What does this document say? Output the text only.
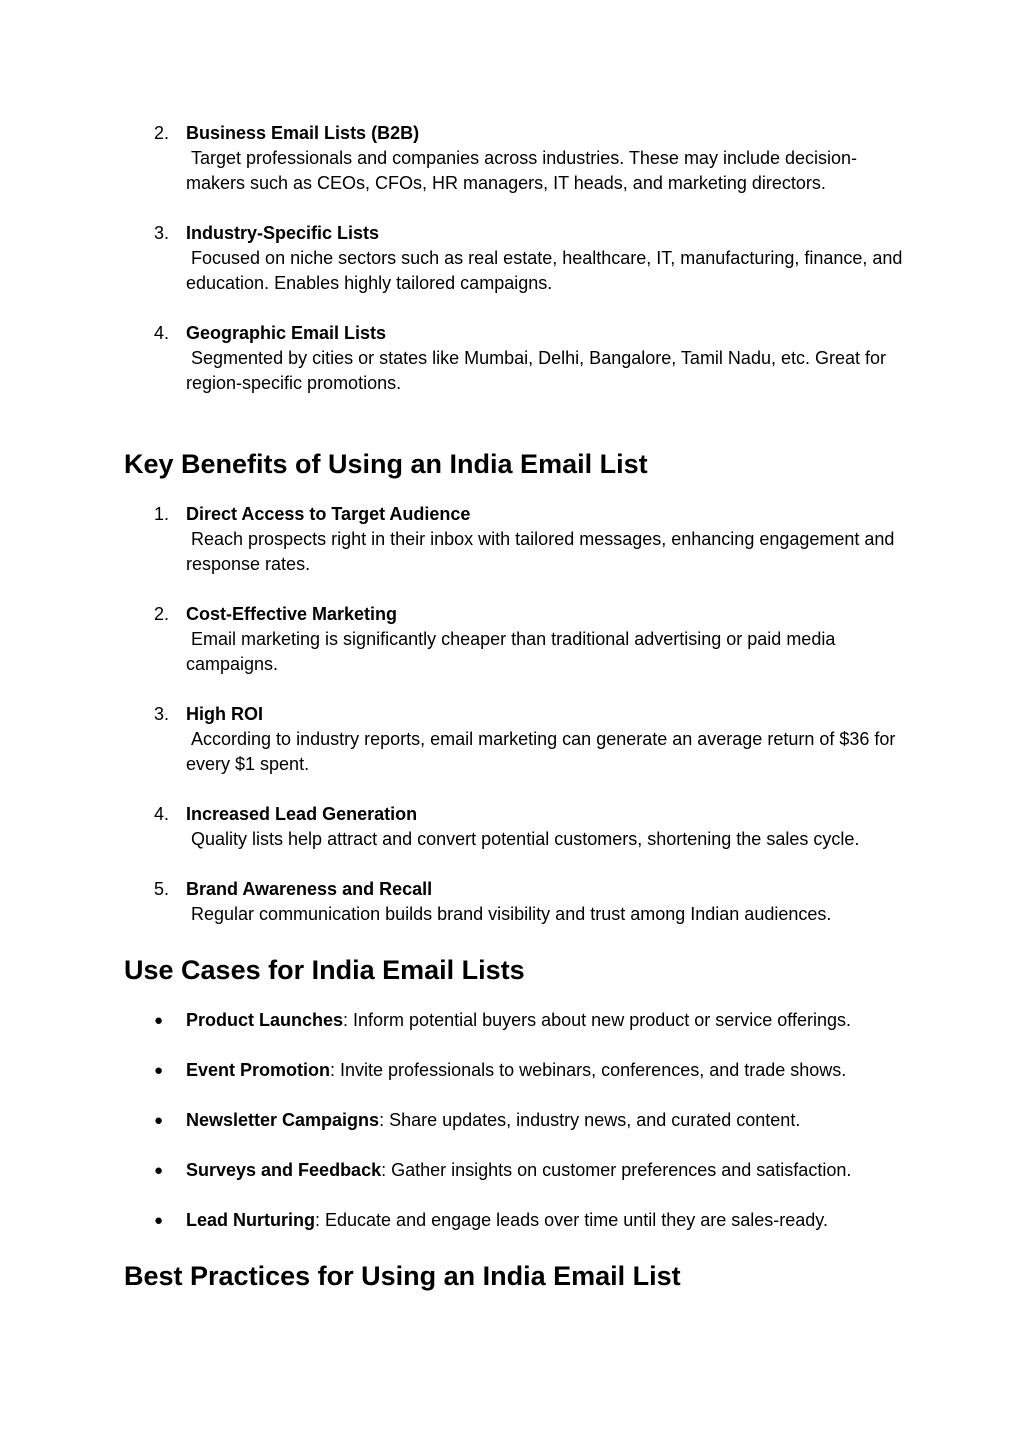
2. Business Email Lists (B2B)
Target professionals and companies across industries. These may include decision-makers such as CEOs, CFOs, HR managers, IT heads, and marketing directors.
3. Industry-Specific Lists
Focused on niche sectors such as real estate, healthcare, IT, manufacturing, finance, and education. Enables highly tailored campaigns.
4. Geographic Email Lists
Segmented by cities or states like Mumbai, Delhi, Bangalore, Tamil Nadu, etc. Great for region-specific promotions.
Key Benefits of Using an India Email List
1. Direct Access to Target Audience
Reach prospects right in their inbox with tailored messages, enhancing engagement and response rates.
2. Cost-Effective Marketing
Email marketing is significantly cheaper than traditional advertising or paid media campaigns.
3. High ROI
According to industry reports, email marketing can generate an average return of $36 for every $1 spent.
4. Increased Lead Generation
Quality lists help attract and convert potential customers, shortening the sales cycle.
5. Brand Awareness and Recall
Regular communication builds brand visibility and trust among Indian audiences.
Use Cases for India Email Lists
● Product Launches: Inform potential buyers about new product or service offerings.
● Event Promotion: Invite professionals to webinars, conferences, and trade shows.
● Newsletter Campaigns: Share updates, industry news, and curated content.
● Surveys and Feedback: Gather insights on customer preferences and satisfaction.
● Lead Nurturing: Educate and engage leads over time until they are sales-ready.
Best Practices for Using an India Email List
